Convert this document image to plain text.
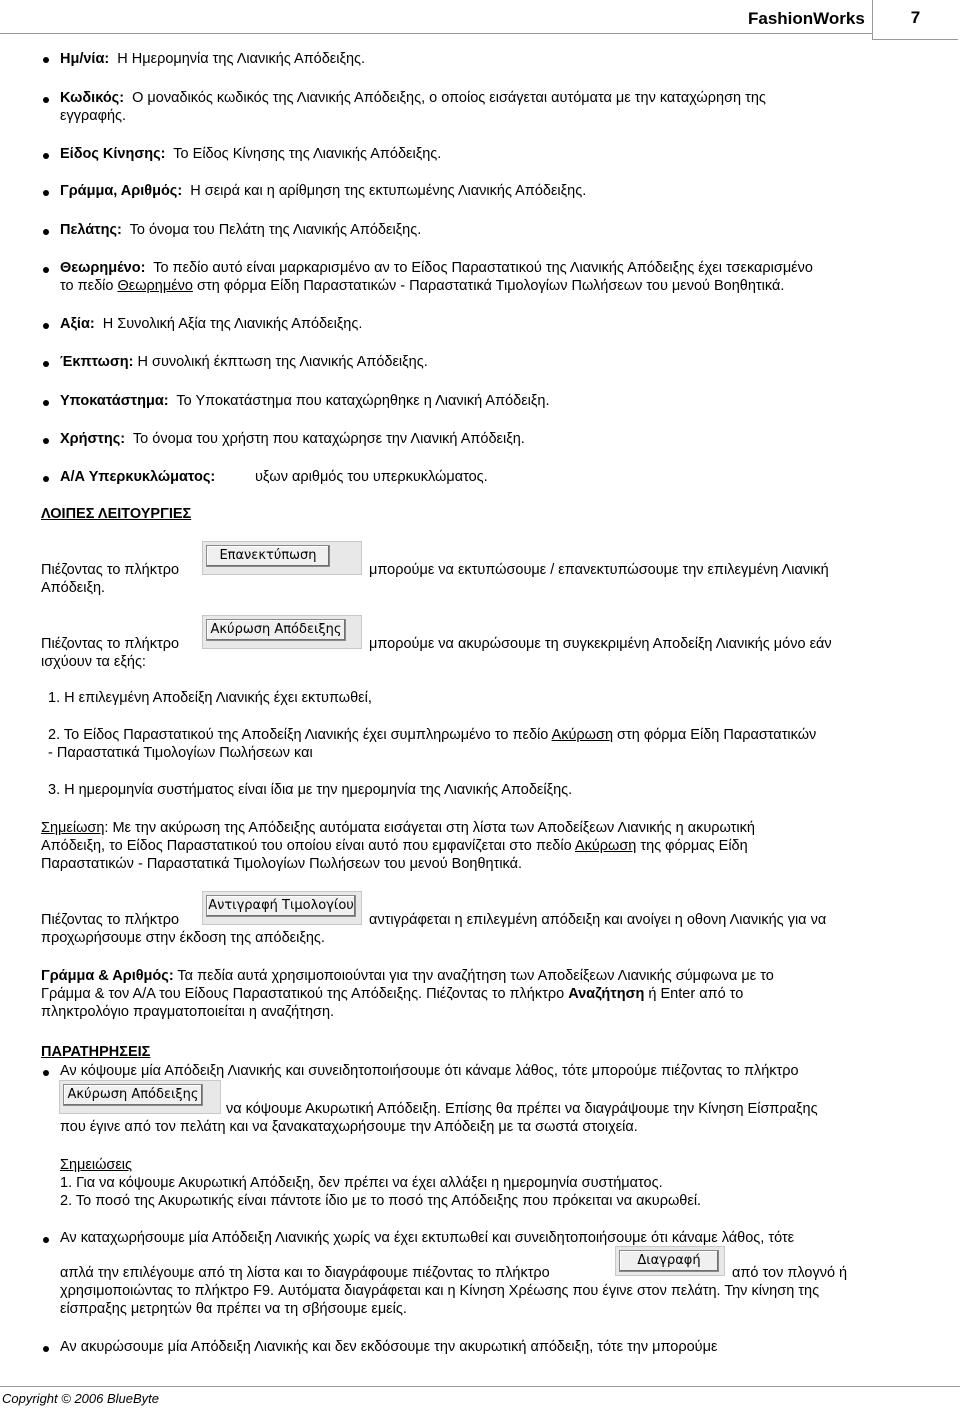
FashionWorks	7
Ημ/νία: Η Ημερομηνία της Λιανικής Απόδειξης.
Κωδικός: Ο μοναδικός κωδικός της Λιανικής Απόδειξης, ο οποίος εισάγεται αυτόματα με την καταχώρηση της
εγγραφής.
Είδος Κίνησης: Το Είδος Κίνησης της Λιανικής Απόδειξης.
Γράμμα, Αριθμός: Η σειρά και η αρίθμηση της εκτυπωμένης Λιανικής Απόδειξης.
Πελάτης: Το όνομα του Πελάτη της Λιανικής Απόδειξης.
Θεωρημένο: Το πεδίο αυτό είναι μαρκαρισμένο αν το Είδος Παραστατικού της Λιανικής Απόδειξης έχει τσεκαρισμένο
το πεδίο Θεωρημένο στη φόρμα Είδη Παραστατικών - Παραστατικά Τιμολογίων Πωλήσεων του μενού Βοηθητικά.
Αξία: Η Συνολική Αξία της Λιανικής Απόδειξης.
Έκπτωση: Η συνολική έκπτωση της Λιανικής Απόδειξης.
Υποκατάστημα: Το Υποκατάστημα που καταχώρηθηκε η Λιανική Απόδειξη.
Χρήστης: Το όνομα του χρήστη που καταχώρησε την Λιανική Απόδειξη.
Α/Α Υπερκυκλώματος:	υξων αριθμός του υπερκυκλώματος.
ΛΟΙΠΕΣ ΛΕΙΤΟΥΡΓΙΕΣ
Πιέζοντας το πλήκτρο
Επανεκτύπωση
μπορούμε να εκτυπώσουμε / επανεκτυπώσουμε την επιλεγμένη Λιανική
Απόδειξη.
Πιέζοντας το πλήκτρο
Ακύρωση Απόδειξης
μπορούμε να ακυρώσουμε τη συγκεκριμένη Αποδείξη Λιανικής μόνο εάν
ισχύουν τα εξής:
1. Η επιλεγμένη Αποδείξη Λιανικής έχει εκτυπωθεί,
2. Το Είδος Παραστατικού της Αποδείξη Λιανικής έχει συμπληρωμένο το πεδίο Ακύρωση στη φόρμα Είδη Παραστατικών
- Παραστατικά Τιμολογίων Πωλήσεων και
3. Η ημερομηνία συστήματος είναι ίδια με την ημερομηνία της Λιανικής Αποδείξης.
Σημείωση: Με την ακύρωση της Απόδειξης αυτόματα εισάγεται στη λίστα των Αποδείξεων Λιανικής η ακυρωτική
Απόδειξη, το Είδος Παραστατικού του οποίου είναι αυτό που εμφανίζεται στο πεδίο Ακύρωση της φόρμας Είδη
Παραστατικών - Παραστατικά Τιμολογίων Πωλήσεων του μενού Βοηθητικά.
Πιέζοντας το πλήκτρο
Αντιγραφή Τιμολογίου
αντιγράφεται η επιλεγμένη απόδειξη και ανοίγει η οθονη Λιανικής για να
προχωρήσουμε στην έκδοση της απόδειξης.
Γράμμα & Αριθμός: Τα πεδία αυτά χρησιμοποιούνται για την αναζήτηση των Αποδείξεων Λιανικής σύμφωνα με το
Γράμμα & τον Α/Α του Είδους Παραστατικού της Απόδειξης. Πιέζοντας το πλήκτρο Αναζήτηση ή Enter από το
πληκτρολόγιο πραγματοποιείται η αναζήτηση.
ΠΑΡΑΤΗΡΗΣΕΙΣ
Αν κόψουμε μία Απόδειξη Λιανικής και συνειδητοποιήσουμε ότι κάναμε λάθος, τότε μπορούμε πιέζοντας το πλήκτρο
Ακύρωση Απόδειξης
να κόψουμε Ακυρωτική Απόδειξη. Επίσης θα πρέπει να διαγράψουμε την Κίνηση Είσπραξης
που έγινε από τον πελάτη και να ξανακαταχωρήσουμε την Απόδειξη με τα σωστά στοιχεία.
Σημειώσεις
1. Για να κόψουμε Ακυρωτική Απόδειξη, δεν πρέπει να έχει αλλάξει η ημερομηνία συστήματος.
2. Το ποσό της Ακυρωτικής είναι πάντοτε ίδιο με το ποσό της Απόδειξης που πρόκειται να ακυρωθεί.
Αν καταχωρήσουμε μία Απόδειξη Λιανικής χωρίς να έχει εκτυπωθεί και συνειδητοποιήσουμε ότι κάναμε λάθος, τότε
απλά την επιλέγουμε από τη λίστα και το διαγράφουμε πιέζοντας το πλήκτρο
Διαγραφή
από τον πλογνό ή
χρησιμοποιώντας το πλήκτρο F9. Αυτόματα διαγράφεται και η Κίνηση Χρέωσης που έγινε στον πελάτη. Την κίνηση της
είσπραξης μετρητών θα πρέπει να τη σβήσουμε εμείς.
Αν ακυρώσουμε μία Απόδειξη Λιανικής και δεν εκδόσουμε την ακυρωτική απόδειξη, τότε την μπορούμε
Copyright © 2006 BlueByte
